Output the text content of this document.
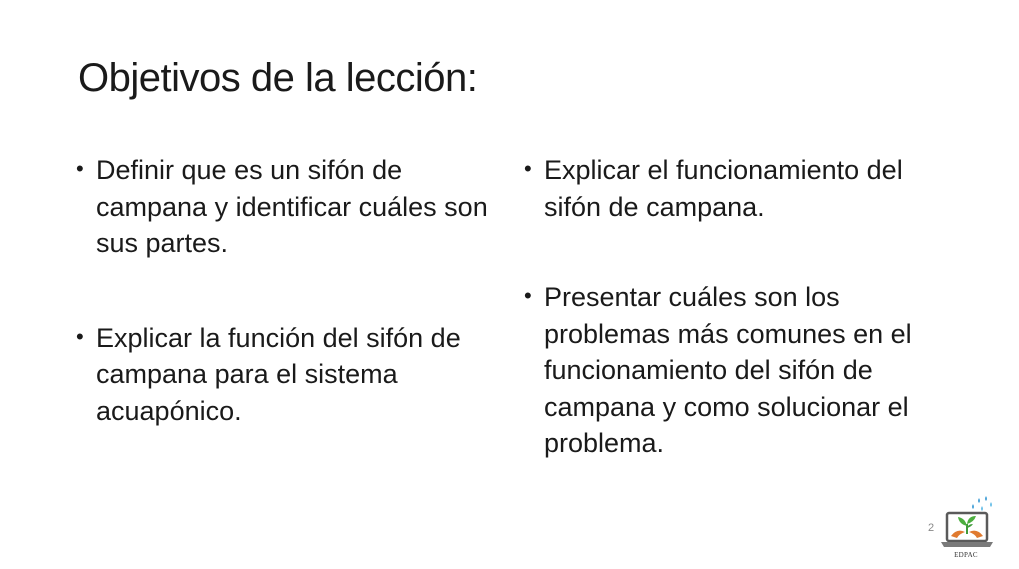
Objetivos de la lección:
• Definir que es un sifón de campana y identificar cuáles son sus partes.
• Explicar la función del sifón de campana para el sistema acuapónico.
• Explicar el funcionamiento del sifón de campana.
• Presentar cuáles son los problemas más comunes en el funcionamiento del sifón de campana y como solucionar el problema.
2
EDPAC
